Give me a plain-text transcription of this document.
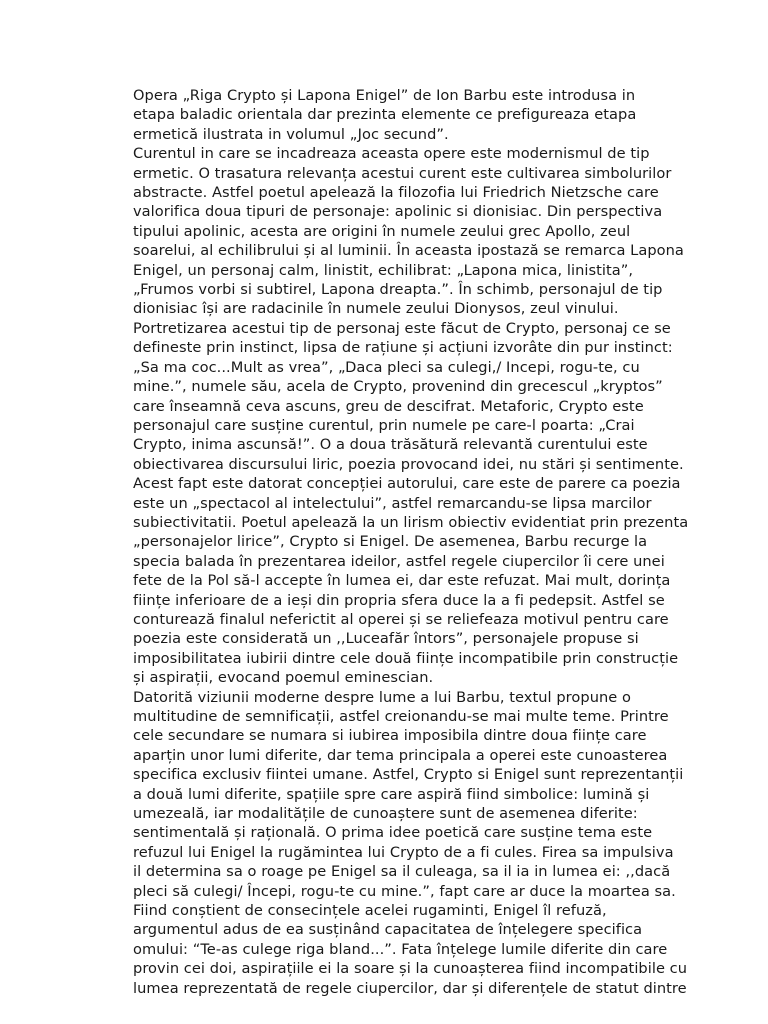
Opera „Riga Crypto și Lapona Enigel” de Ion Barbu este introdusa in
etapa baladic orientala dar prezinta elemente ce prefigureaza etapa
ermetică ilustrata in volumul „Joc secund”.

Curentul in care se incadreaza aceasta opere este modernismul de tip
ermetic. O trasatura relevanța acestui curent este cultivarea simbolurilor
abstracte. Astfel poetul apelează la filozofia lui Friedrich Nietzsche care
valorifica doua tipuri de personaje: apolinic si dionisiac. Din perspectiva
tipului apolinic, acesta are origini în numele zeului grec Apollo, zeul
soarelui, al echilibrului și al luminii. În aceasta ipostază se remarca Lapona
Enigel, un personaj calm, linistit, echilibrat: „Lapona mica, linistita”,
„Frumos vorbi si subtirel, Lapona dreapta.”. În schimb, personajul de tip
dionisiac își are radacinile în numele zeului Dionysos, zeul vinului.
Portretizarea acestui tip de personaj este făcut de Crypto, personaj ce se
defineste prin instinct, lipsa de rațiune și acțiuni izvorâte din pur instinct:
„Sa ma coc...Mult as vrea”, „Daca pleci sa culegi,/ Incepi, rogu-te, cu
mine.”, numele său, acela de Crypto, provenind din grecescul „kryptos”
care înseamnă ceva ascuns, greu de descifrat. Metaforic, Crypto este
personajul care susține curentul, prin numele pe care-l poarta: „Crai
Crypto, inima ascunsă!”. O a doua trăsătură relevantă curentului este
obiectivarea discursului liric, poezia provocand idei, nu stări și sentimente.
Acest fapt este datorat concepției autorului, care este de parere ca poezia
este un „spectacol al intelectului”, astfel remarcandu-se lipsa marcilor
subiectivitatii. Poetul apelează la un lirism obiectiv evidentiat prin prezenta
„personajelor lirice”, Crypto si Enigel. De asemenea, Barbu recurge la
specia balada în prezentarea ideilor, astfel regele ciupercilor îi cere unei
fete de la Pol să-l accepte în lumea ei, dar este refuzat. Mai mult, dorința
ființe inferioare de a ieși din propria sfera duce la a fi pedepsit. Astfel se
conturează finalul neferictit al operei și se reliefeaza motivul pentru care
poezia este considerată un ,,Luceafăr întors”, personajele propuse si
imposibilitatea iubirii dintre cele două ființe incompatibile prin construcție
și aspirații, evocand poemul eminescian.

Datorită viziunii moderne despre lume a lui Barbu, textul propune o
multitudine de semnificații, astfel creionandu-se mai multe teme. Printre
cele secundare se numara si iubirea imposibila dintre doua ființe care
aparțin unor lumi diferite, dar tema principala a operei este cunoasterea
specifica exclusiv fiintei umane. Astfel, Crypto si Enigel sunt reprezentanții
a două lumi diferite, spațiile spre care aspiră fiind simbolice: lumină și
umezeală, iar modalitățile de cunoaștere sunt de asemenea diferite:
sentimentală și rațională. O prima idee poetică care susține tema este
refuzul lui Enigel la rugămintea lui Crypto de a fi cules. Firea sa impulsiva
il determina sa o roage pe Enigel sa il culeaga, sa il ia in lumea ei: ,,dacă
pleci să culegi/ Începi, rogu-te cu mine.”, fapt care ar duce la moartea sa.
Fiind conștient de consecințele acelei rugaminti, Enigel îl refuză,
argumentul adus de ea susținând capacitatea de înțelegere specifica
omului: “Te-as culege riga bland...”. Fata înțelege lumile diferite din care
provin cei doi, aspirațiile ei la soare și la cunoașterea fiind incompatibile cu
lumea reprezentată de regele ciupercilor, dar și diferențele de statut dintre
